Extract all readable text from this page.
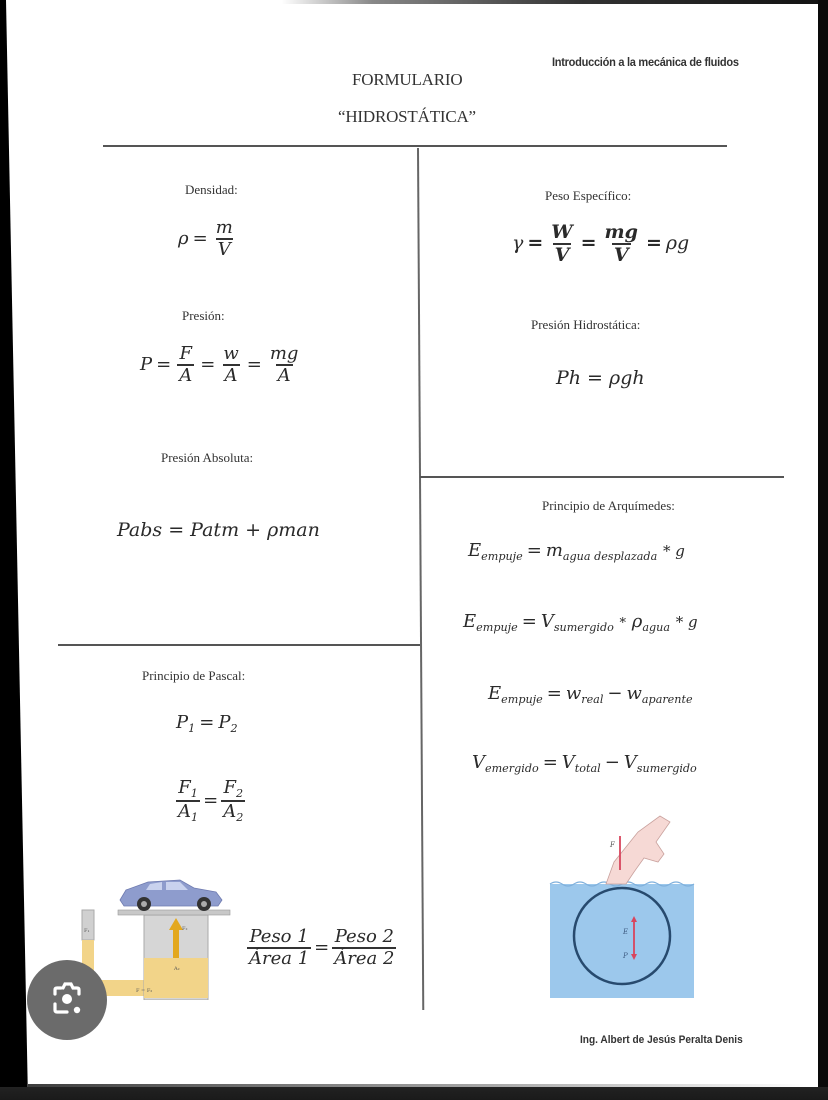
Introducción a la mecánica de fluidos
FORMULARIO
“HIDROSTÁTICA”
Densidad:
$\rho = \frac{m}{V}$
Peso Específico:
$\gamma = \frac{W}{V} = \frac{mg}{V} = \rho g$
Presión:
$P = \frac{F}{A} = \frac{w}{A} = \frac{mg}{A}$
Presión Hidrostática:
Ph = ρgh
Presión Absoluta:
Pabs = Patm + ρman
Principio de Arquímedes:
$E_{empuje} = m_{agua desplazada} * g$
$E_{empuje} = V_{sumergido} * \rho_{agua} * g$
$E_{empuje} = w_{real} - w_{aparente}$
$V_{emergido} = V_{total} - V_{sumergido}$
Principio de Pascal:
$P_1 = P_2$
$\frac{F_1}{A_1} = \frac{F_2}{A_2}$
$\frac{\text{Peso 1}}{\text{Área 1}} = \frac{\text{Peso 2}}{\text{Área 2}}$
F₁	F₂
A₂
F = F₂
F
E
P
Ing. Albert de Jesús Peralta Denis
